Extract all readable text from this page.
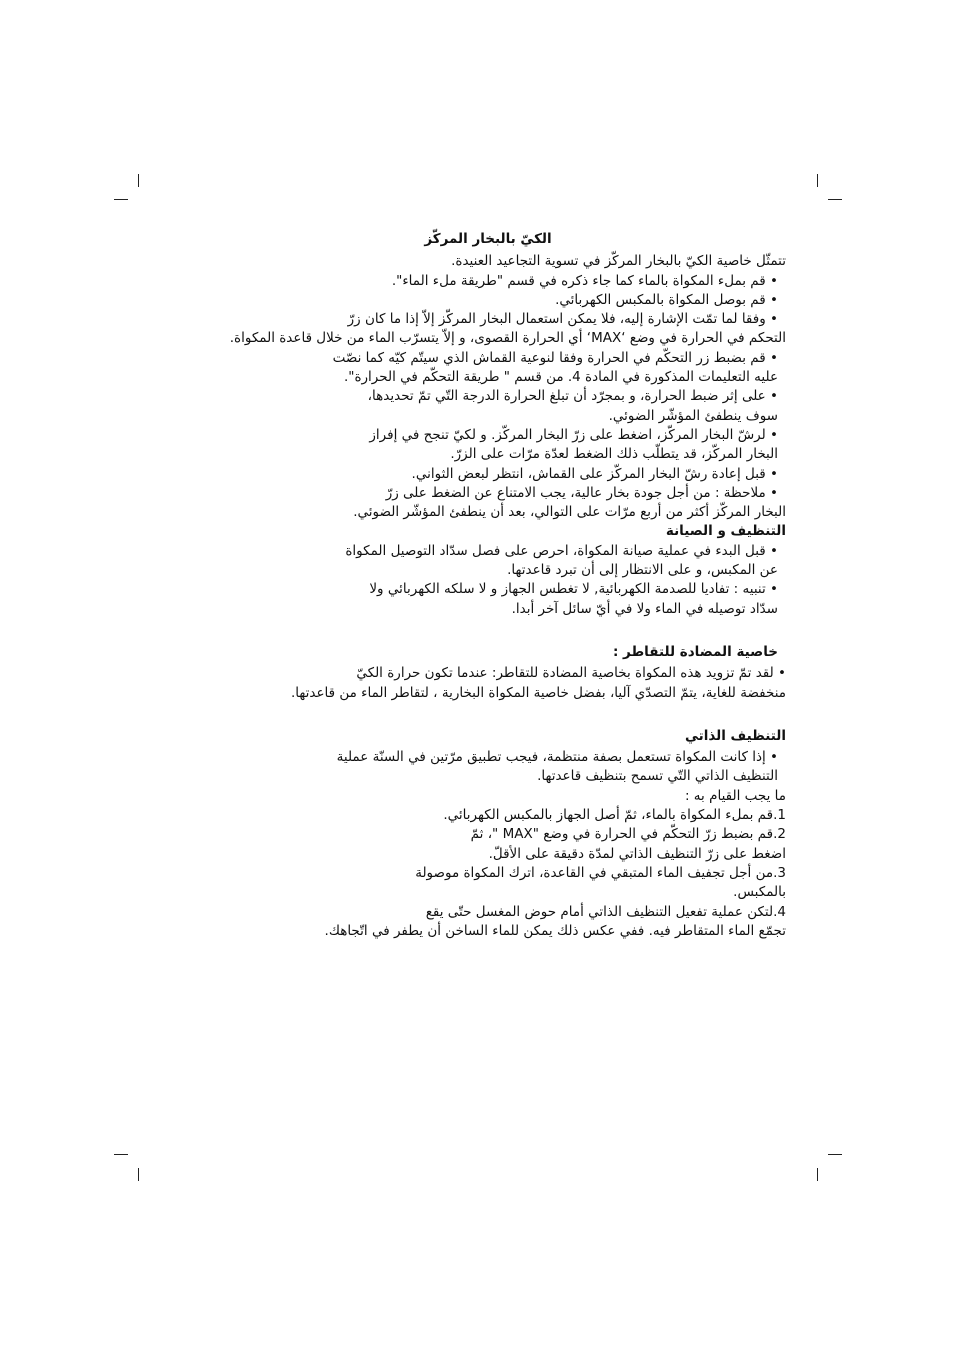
الكيّ بالبخار المركّز
تتمثّل خاصية الكيّ بالبخار المركّز في تسوية التجاعيد العنيدة.
• قم بملء المكواة بالماء كما جاء ذكره في قسم "طريقة ملء الماء".
• قم بوصل المكواة بالمكبس الكهربائي.
• وفقا لما تمّت الإشارة إليه، فلا يمكن استعمال البخار المركّز إلاّ إذا ما كان زرّ
التحكم في الحرارة في وضع ‘MAX‘ أي الحرارة القصوى، و إلاّ يتسرّب الماء من خلال قاعدة المكواة.
• قم بضبط زر التحكّم في الحرارة وفقا لنوعية القماش الذي سيتّم كيّه كما نصّت
عليه التعليمات المذكورة في المادة 4. من قسم " طريقة التحكّم في الحرارة".
• على إثر ضبط الحرارة، و بمجرّد أن تبلغ الحرارة الدرجة التّي تمّ تحديدها،
سوف ينطفئ المؤشّر الضوئي.
• لرشّ البخار المركّز، اضغط على زرّ البخار المركّز. و لكيّ تنجح في إفراز
البخار المركّز، قد يتطلّب ذلك الضغط لعدّة مرّات على الزرّ.
• قبل إعادة رشّ البخار المركّز على القماش، انتظر لبعض الثواني.
• ملاحظة : من أجل جودة بخار عالية، يجب الامتناع عن الضغط على زرّ
البخار المركّز أكثر من أربع مرّات على التوالي، بعد أن ينطفئ المؤشّر الضوئي.
التنظيف و الصيانة
• قبل البدء في عملية صيانة المكواة، احرص على فصل سدّاد التوصيل المكواة
عن المكبس، و على الانتظار إلى أن تبرد قاعدتها.
• تنبيه : تفاديا للصدمة الكهربائية, لا تغطس الجهاز و لا سلكه الكهربائي ولا
سدّاد توصيله في الماء ولا في أيّ سائل آخر أبدا.
خاصية المضادة للتقاطر :
• لقد تمّ تزويد هذه المكواة بخاصية المضادة للتقاطر: عندما تكون حرارة الكيّ
منخفضة للغاية، يتمّ التصدّي آليا، بفضل خاصية المكواة البخارية ، لتقاطر الماء من قاعدتها.
التنظيف الذاتي
• إذا كانت المكواة تستعمل بصفة منتظمة، فيجب تطبيق مرّتين في السنّة عملية
التنظيف الذاتي التّي تسمح بتنظيف قاعدتها.
ما يجب القيام به :
1.قم بملء المكواة بالماء، ثمّ أصل الجهاز بالمكبس الكهربائي.
2.قم بضبط زرّ التحكّم في الحرارة في وضع "MAX "، ثمّ
اضغط على زرّ التنظيف الذاتي لمدّة دقيقة على الأقلّ.
3.من أجل تجفيف الماء المتبقي في القاعدة، اترك المكواة موصولة
بالمكبس.
4.لتكن عملية تفعيل التنظيف الذاتي أمام حوض المغسل حتّى يقع
تجمّع الماء المتقاطر فيه. ففي عكس ذلك يمكن للماء الساخن أن يطفر في اتّجاهك.
